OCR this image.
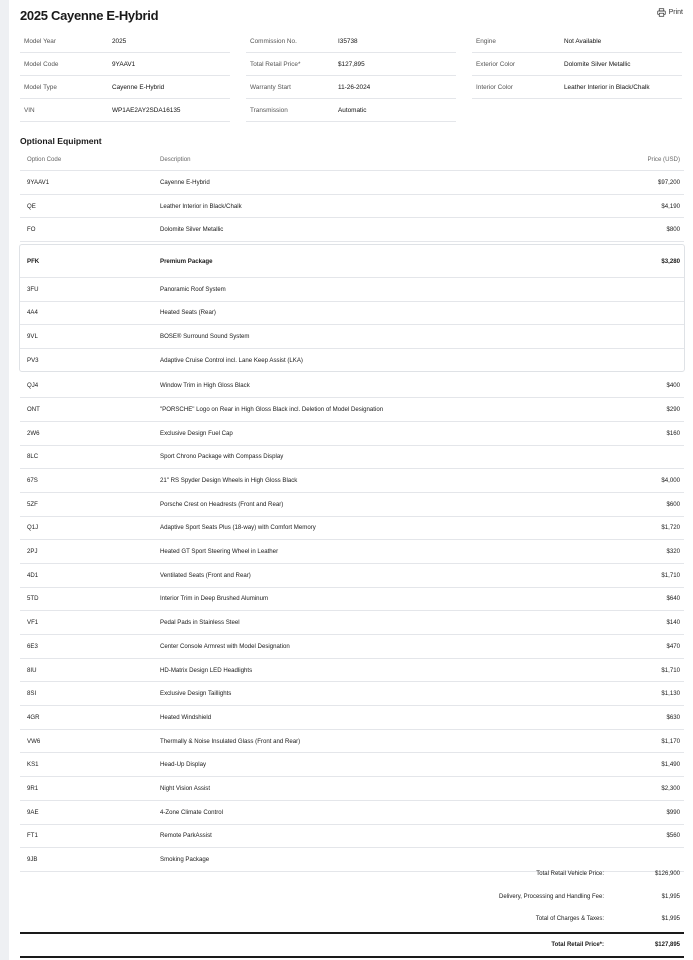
2025 Cayenne E-Hybrid	Print
Model Year	2025
Model Code	9YAAV1
Model Type	Cayenne E-Hybrid
VIN	WP1AE2AY2SDA16135
Commission No.	I35738
Total Retail Price*	$127,895
Warranty Start	11-26-2024
Transmission	Automatic
Engine	Not Available
Exterior Color	Dolomite Silver Metallic
Interior Color	Leather Interior in Black/Chalk
Optional Equipment
Option Code	Description	Price (USD)
9YAAV1	Cayenne E-Hybrid	$97,200
QE	Leather Interior in Black/Chalk	$4,190
FO	Dolomite Silver Metallic	$800
PFK	Premium Package	$3,280
3FU	Panoramic Roof System
4A4	Heated Seats (Rear)
9VL	BOSE® Surround Sound System
PV3	Adaptive Cruise Control incl. Lane Keep Assist (LKA)
QJ4	Window Trim in High Gloss Black	$400
ONT	"PORSCHE" Logo on Rear in High Gloss Black incl. Deletion of Model Designation	$290
2W6	Exclusive Design Fuel Cap	$160
8LC	Sport Chrono Package with Compass Display
67S	21" RS Spyder Design Wheels in High Gloss Black	$4,000
5ZF	Porsche Crest on Headrests (Front and Rear)	$600
Q1J	Adaptive Sport Seats Plus (18-way) with Comfort Memory	$1,720
2PJ	Heated GT Sport Steering Wheel in Leather	$320
4D1	Ventilated Seats (Front and Rear)	$1,710
5TD	Interior Trim in Deep Brushed Aluminum	$640
VF1	Pedal Pads in Stainless Steel	$140
6E3	Center Console Armrest with Model Designation	$470
8IU	HD-Matrix Design LED Headlights	$1,710
8SI	Exclusive Design Taillights	$1,130
4GR	Heated Windshield	$630
VW6	Thermally & Noise Insulated Glass (Front and Rear)	$1,170
KS1	Head-Up Display	$1,490
9R1	Night Vision Assist	$2,300
9AE	4-Zone Climate Control	$990
FT1	Remote ParkAssist	$560
9JB	Smoking Package
Total Retail Vehicle Price:	$126,900
Delivery, Processing and Handling Fee:	$1,995
Total of Charges & Taxes:	$1,995
Total Retail Price*:	$127,895
